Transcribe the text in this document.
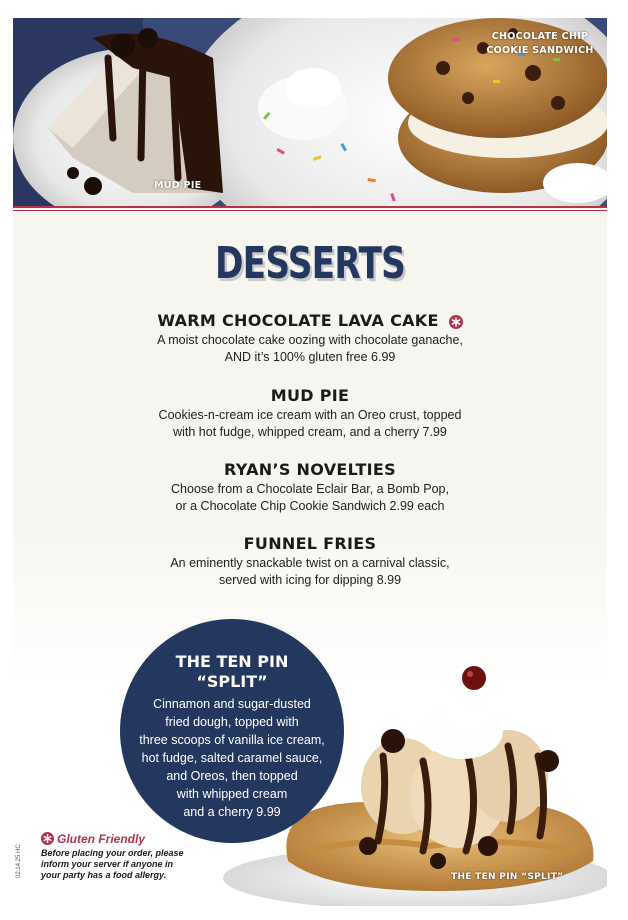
MUD PIE
CHOCOLATE CHIP
COOKIE SANDWICH
DESSERTS
WARM CHOCOLATE LAVA CAKE
A moist chocolate cake oozing with chocolate ganache,
AND it’s 100% gluten free 6.99
MUD PIE
Cookies-n-cream ice cream with an Oreo crust, topped
with hot fudge, whipped cream, and a cherry 7.99
RYAN’S NOVELTIES
Choose from a Chocolate Eclair Bar, a Bomb Pop,
or a Chocolate Chip Cookie Sandwich 2.99 each
FUNNEL FRIES
An eminently snackable twist on a carnival classic,
served with icing for dipping 8.99
THE TEN PIN
“SPLIT”
Cinnamon and sugar-dusted
fried dough, topped with
three scoops of vanilla ice cream,
hot fudge, salted caramel sauce,
and Oreos, then topped
with whipped cream
and a cherry 9.99
THE TEN PIN “SPLIT”
Gluten Friendly
Before placing your order, please
inform your server if anyone in
your party has a food allergy.
02.14.25 HC
